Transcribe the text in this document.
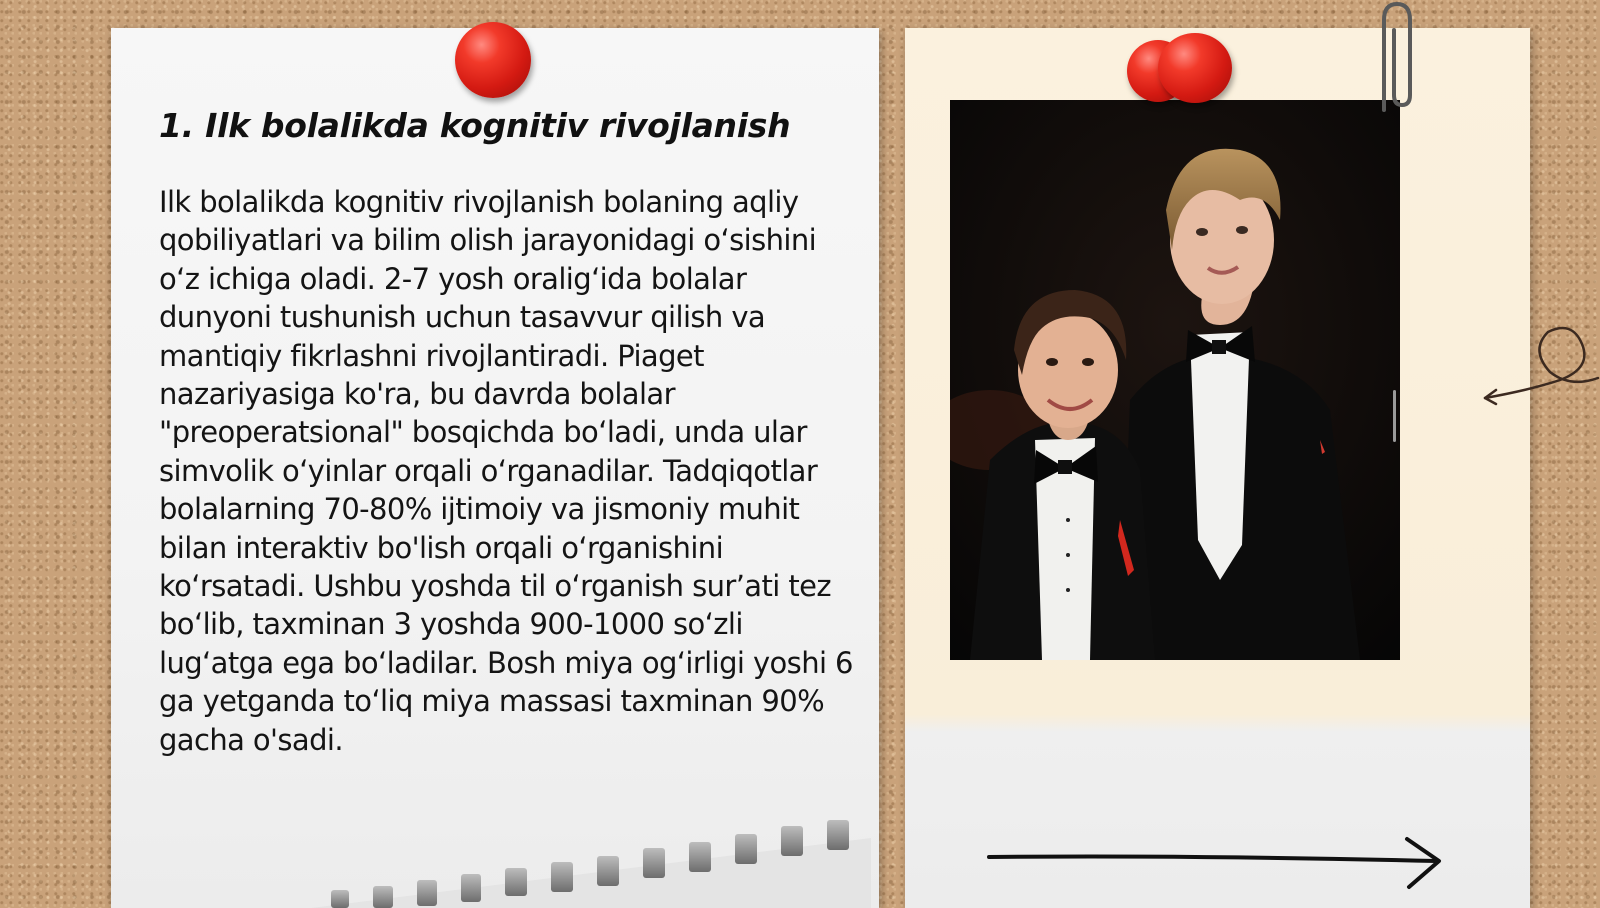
1. Ilk bolalikda kognitiv rivojlanish

Ilk bolalikda kognitiv rivojlanish bolaning aqliy qobiliyatlari va bilim olish jarayonidagi o‘sishini o‘z ichiga oladi. 2-7 yosh oralig‘ida bolalar dunyoni tushunish uchun tasavvur qilish va mantiqiy fikrlashni rivojlantiradi. Piaget nazariyasiga ko'ra, bu davrda bolalar "preoperatsional" bosqichda bo‘ladi, unda ular simvolik o‘yinlar orqali o‘rganadilar. Tadqiqotlar bolalarning 70-80% ijtimoiy va jismoniy muhit bilan interaktiv bo'lish orqali o‘rganishini ko‘rsatadi. Ushbu yoshda til o‘rganish sur’ati tez bo‘lib, taxminan 3 yoshda 900-1000 so‘zli lug‘atga ega bo‘ladilar. Bosh miya og‘irligi yoshi 6 ga yetganda to‘liq miya massasi taxminan 90% gacha o'sadi.
